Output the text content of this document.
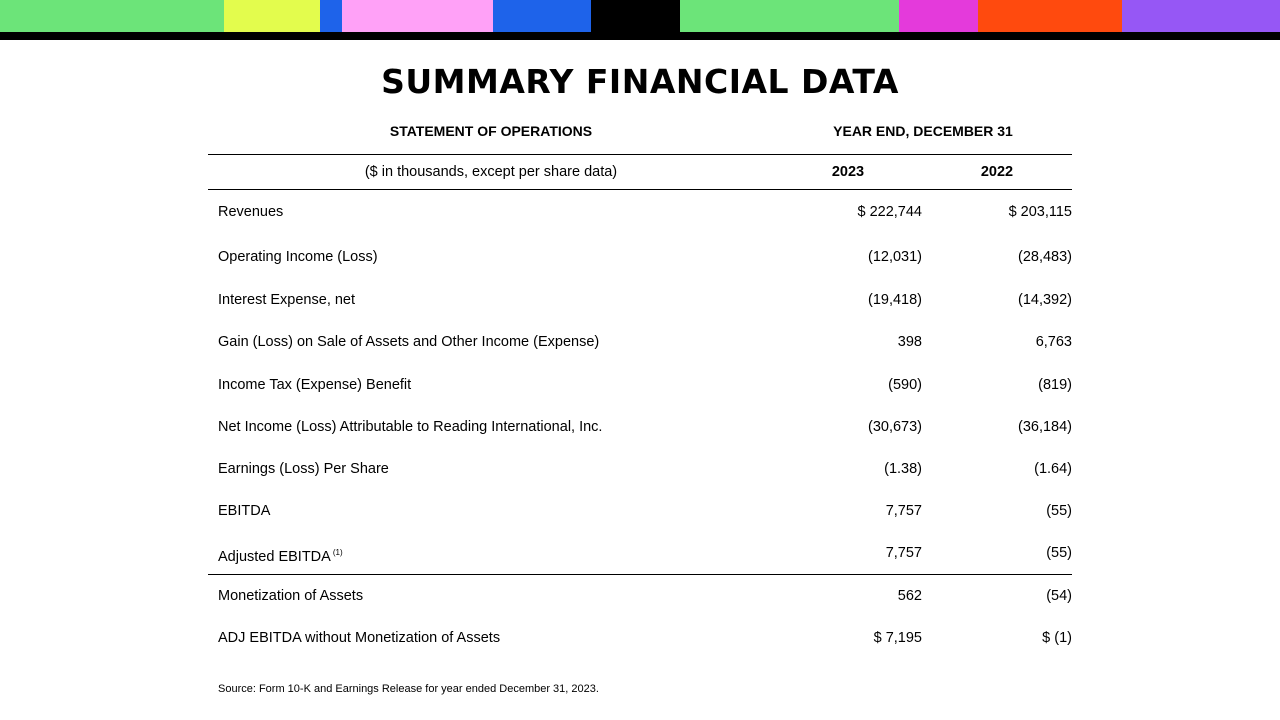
SUMMARY FINANCIAL DATA
STATEMENT OF OPERATIONS	YEAR END, DECEMBER 31
($ in thousands, except per share data)	2023	2022
Revenues	$ 222,744	$ 203,115
Operating Income (Loss)	(12,031)	(28,483)
Interest Expense, net	(19,418)	(14,392)
Gain (Loss) on Sale of Assets and Other Income (Expense)	398	6,763
Income Tax (Expense) Benefit	(590)	(819)
Net Income (Loss) Attributable to Reading International, Inc.	(30,673)	(36,184)
Earnings (Loss) Per Share	(1.38)	(1.64)
EBITDA	7,757	(55)
Adjusted EBITDA $^{(1)}$	7,757	(55)
Monetization of Assets	562	(54)
ADJ EBITDA without Monetization of Assets	$ 7,195	$ (1)
Source: Form 10-K and Earnings Release for year ended December 31, 2023.
